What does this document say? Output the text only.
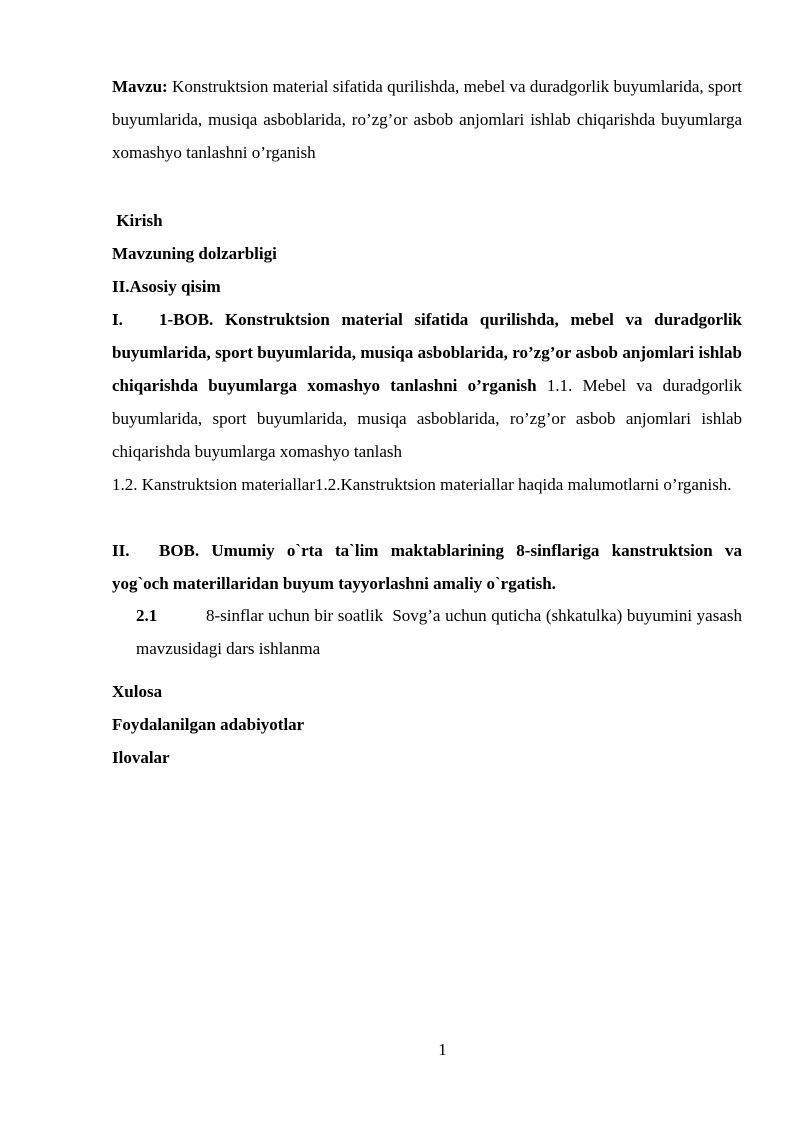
Mavzu: Konstruktsion material sifatida qurilishda, mebel va duradgorlik buyumlarida, sport buyumlarida, musiqa asboblarida, ro’zg’or asbob anjomlari ishlab chiqarishda buyumlarga xomashyo tanlashni o’rganish
Kirish
Mavzuning dolzarbligi
II.Asosiy qisim
I. 1-BOB. Konstruktsion material sifatida qurilishda, mebel va duradgorlik buyumlarida, sport buyumlarida, musiqa asboblarida, ro’zg’or asbob anjomlari ishlab chiqarishda buyumlarga xomashyo tanlashni o’rganish 1.1. Mebel va duradgorlik buyumlarida, sport buyumlarida, musiqa asboblarida, ro’zg’or asbob anjomlari ishlab chiqarishda buyumlarga xomashyo tanlash
1.2. Kanstruktsion materiallar1.2.Kanstruktsion materiallar haqida malumotlarni o’rganish.
II. BOB. Umumiy o`rta ta`lim maktablarining 8-sinflariga kanstruktsion va yog`och materillaridan buyum tayyorlashni amaliy o`rgatish.
2.1	8-sinflar uchun bir soatlik  Sovg’a uchun quticha (shkatulka) buyumini yasash mavzusidagi dars ishlanma
Xulosa
Foydalanilgan adabiyotlar
Ilovalar
1
